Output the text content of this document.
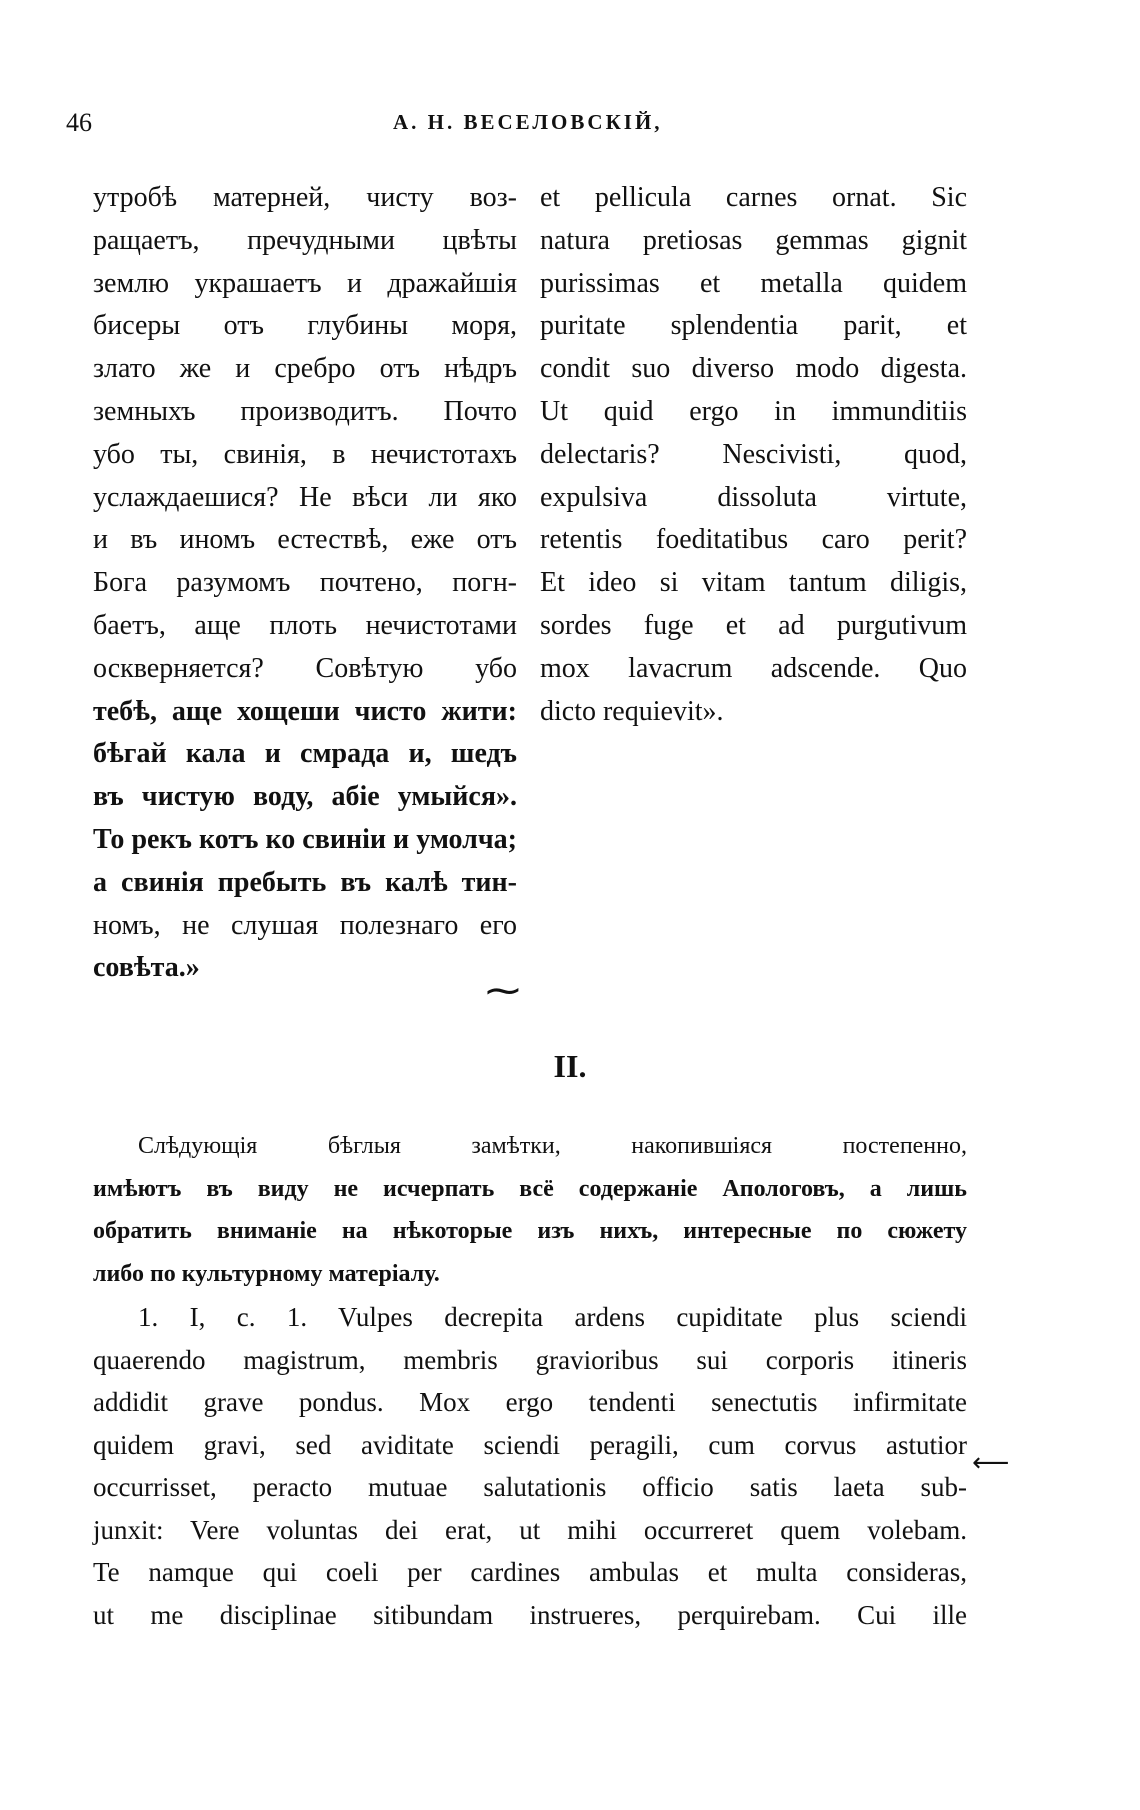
46	А. Н. ВЕСЕЛОВСКІЙ,
утробѣ матерней, чисту воз-
ращаетъ, пречудными цвѣты
землю украшаетъ и дражайшія
бисеры отъ глубины моря,
злато же и сребро отъ нѣдръ
земныхъ производитъ. Почто
убо ты, свинія, в нечистотахъ
услаждаешися? Не вѣси ли яко
и въ иномъ естествѣ, еже отъ
Бога разумомъ почтено, погн-
баетъ, аще плоть нечистотами
оскверняется? Совѣтую убо
тебѣ, аще хощеши чисто жити:
бѣгай кала и смрада и, шедъ
въ чистую воду, абіе умыйся».
То рекъ котъ ко свиніи и умолча;
а свинія пребыть въ калѣ тин-
номъ, не слушая полезнаго его
совѣта.»
et pellicula carnes ornat. Sic
natura pretiosas gemmas gignit
purissimas et metalla quidem
puritate splendentia parit, et
condit suo diverso modo digesta.
Ut quid ergo in immunditiis
delectaris? Nescivisti, quod,
expulsiva dissoluta virtute,
retentis foeditatibus caro perit?
Et ideo si vitam tantum diligis,
sordes fuge et ad purgutivum
mox lavacrum adscende. Quo
dicto requievit».
~
II.
Слѣдующія бѣглыя замѣтки, накопившіяся постепенно,
имѣютъ въ виду не исчерпать всё содержаніе Апологовъ, а лишь
обратить вниманіе на нѣкоторые изъ нихъ, интересные по сюжету
либо по культурному матеріалу.
1. I, c. 1. Vulpes decrepita ardens cupiditate plus sciendi
quaerendo magistrum, membris gravioribus sui corporis itineris
addidit grave pondus. Mox ergo tendenti senectutis infirmitate
quidem gravi, sed aviditate sciendi peragili, cum corvus astutior
occurrisset, peracto mutuae salutationis officio satis laeta sub-
junxit: Vere voluntas dei erat, ut mihi occurreret quem volebam.
Te namque qui coeli per cardines ambulas et multa consideras,
ut me disciplinae sitibundam instrueres, perquirebam. Cui ille
⟵
